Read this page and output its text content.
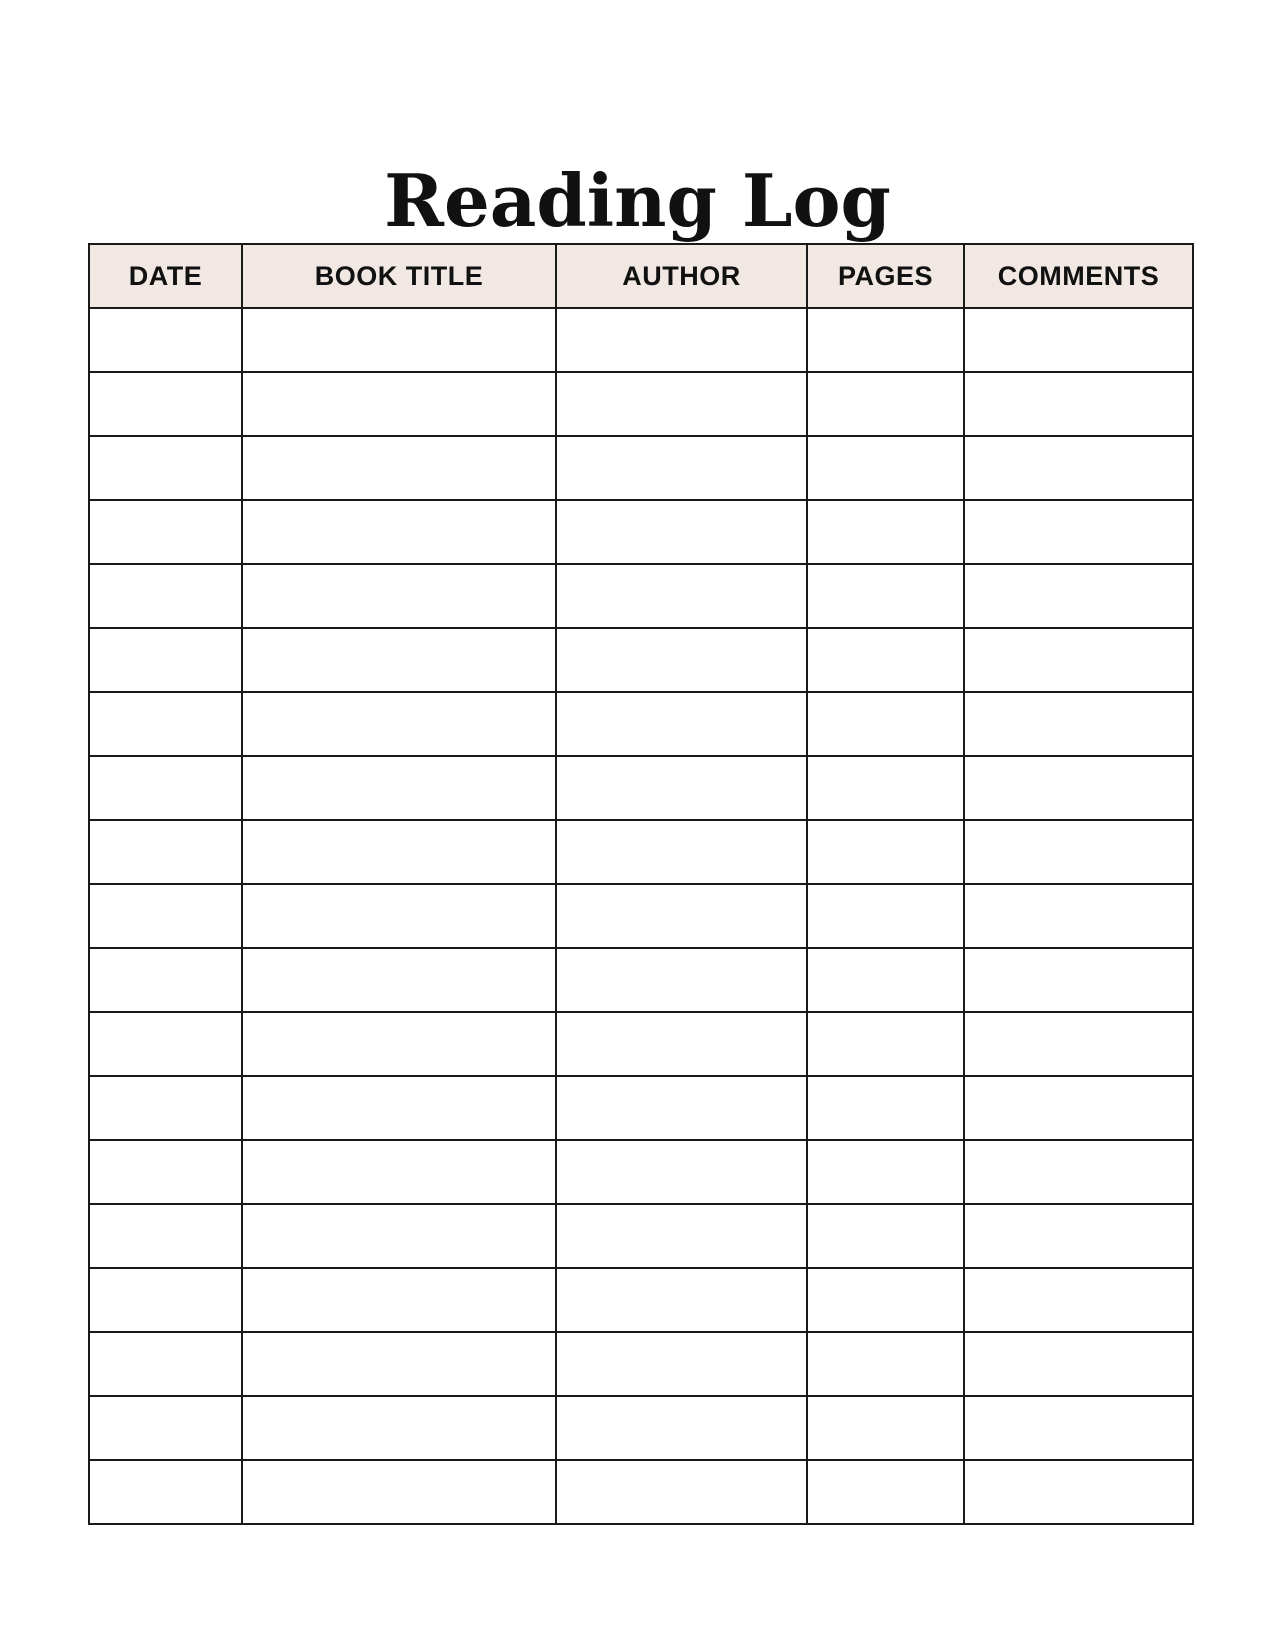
Reading Log
DATE	BOOK TITLE	AUTHOR	PAGES	COMMENTS
